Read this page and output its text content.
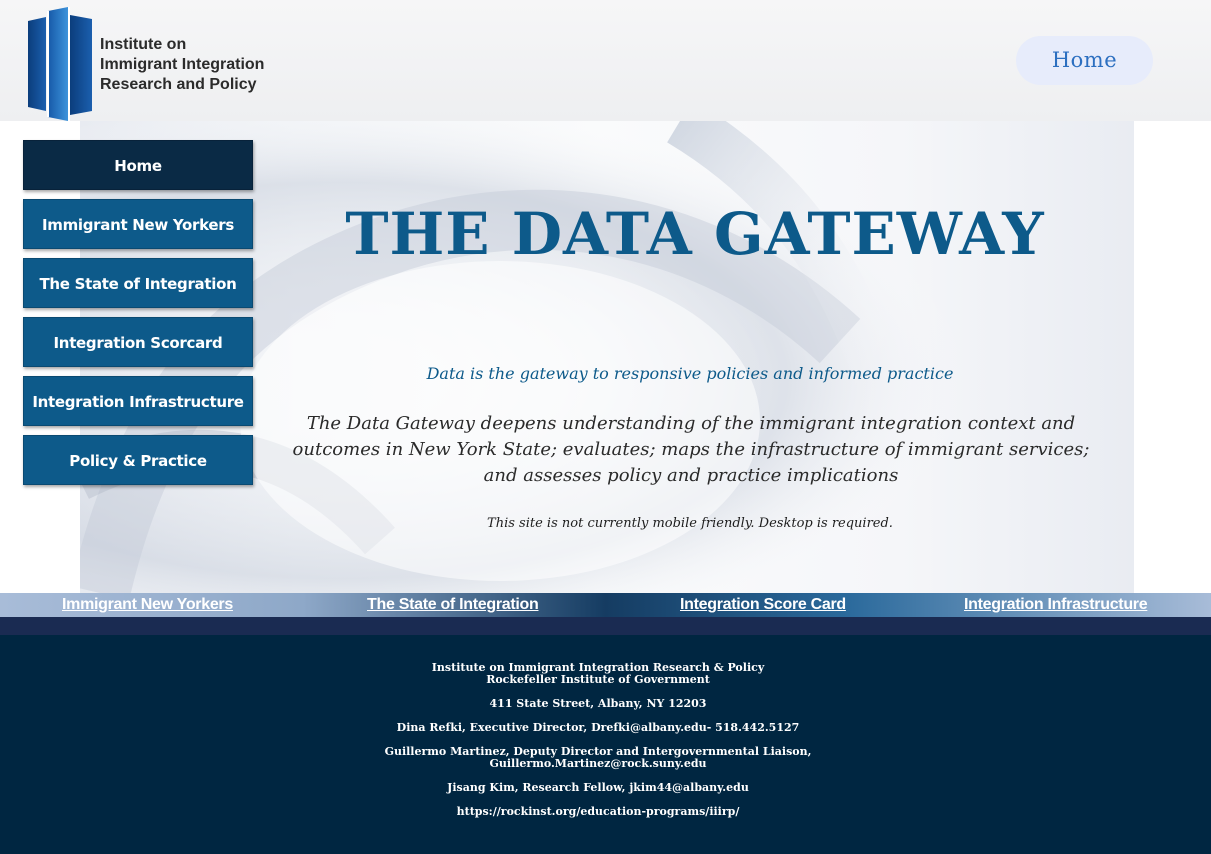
Institute on
Immigrant Integration
Research and Policy
Home
Home
Immigrant New Yorkers
The State of Integration
Integration Scorcard
Integration Infrastructure
Policy & Practice
THE DATA GATEWAY
Data is the gateway to responsive policies and informed practice
The Data Gateway deepens understanding of the immigrant integration context and outcomes in New York State; evaluates; maps the infrastructure of immigrant services; and assesses policy and practice implications
This site is not currently mobile friendly. Desktop is required.
Immigrant New Yorkers	The State of Integration	Integration Score Card	Integration Infrastructure
Institute on Immigrant Integration Research & Policy
Rockefeller Institute of Government
411 State Street, Albany, NY 12203
Dina Refki, Executive Director, Drefki@albany.edu- 518.442.5127
Guillermo Martinez, Deputy Director and Intergovernmental Liaison,
Guillermo.Martinez@rock.suny.edu
Jisang Kim, Research Fellow, jkim44@albany.edu
https://rockinst.org/education-programs/iiirp/
